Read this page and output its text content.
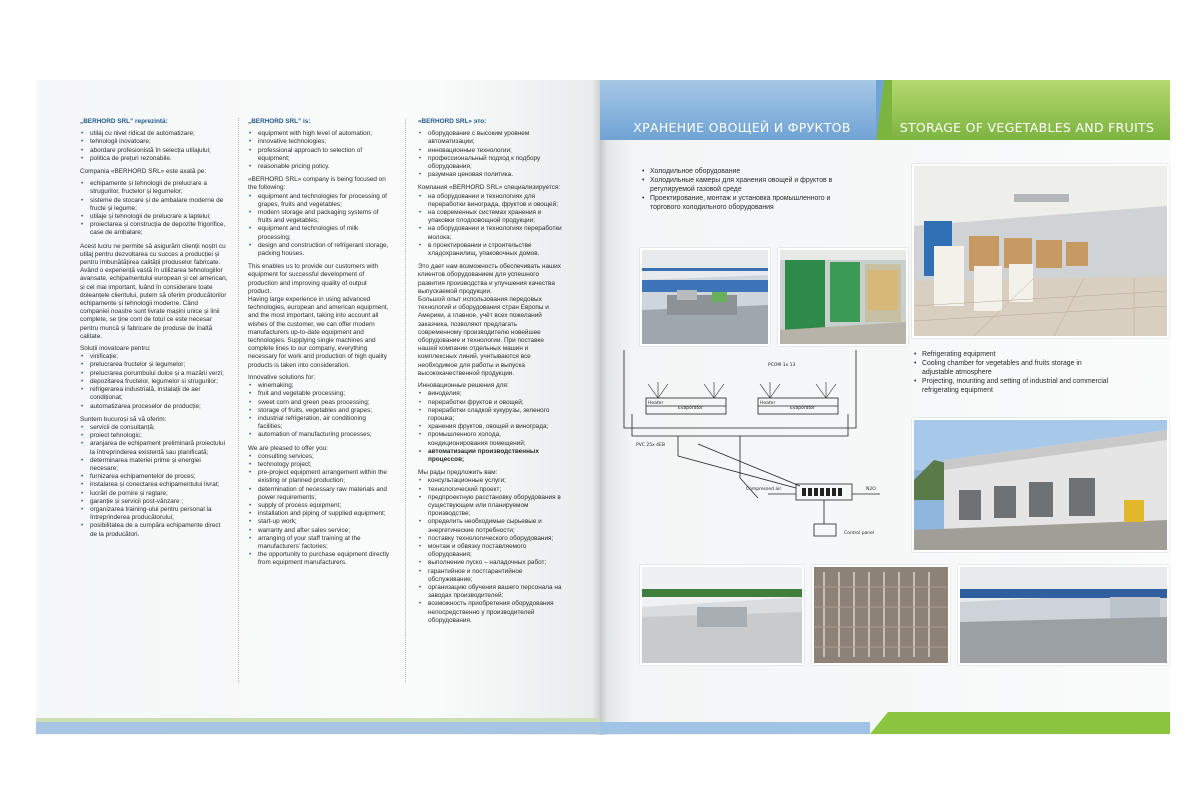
„BERHORD SRL” reprezintă:

• utilaj cu nivel ridicat de automatizare;
• tehnologii inovatoare;
• abordare profesionistă în selecția utilajului;
• politica de prețuri rezonabile.

Compania «BERHORD SRL» este axată pe:

• echipamente și tehnologii de prelucrare a strugurilor, fructelor și legumelor;
• sisteme de stocare și de ambalare moderne de fructe și legume;
• utilaje și tehnologii de prelucrare a laptelui;
• proiectarea și construcția de depozite frigorifice, case de ambalare;

Acest lucru ne permite să asigurăm clienții noștri cu utilaj pentru dezvoltarea cu succes a producției și pentru îmbunătățirea calității produselor fabricate.

Având o experiență vastă în utilizarea tehnologiilor avansate, echipamentului european și cel american, și cel mai important, luând în considerare toate doleanțele clientului, putem să oferim producătorilor echipamente și tehnologii moderne. Când companiei noastre sunt livrate mașini unice și linii complete, se ține cont de totul ce este necesar pentru muncă și fabricare de produse de înaltă calitate.

Soluții inovatoare pentru:

• vinificație;
• prelucrarea fructelor și legumelor;
• prelucrarea porumbului dulce și a mazării verzi;
• depozitarea fructelor, legumelor si strugurilor;
• refrigerarea industrială, instalații de aer condiționat;
• automatizarea proceselor de producție;

Suntem bucuroși să vă oferim:

• servicii de consultanță;
• proiect tehnologic;
• aranjarea de echipament preliminară proiectului la întreprinderea existentă sau planificată;
• determinarea materiei prime și energiei necesare;
• furnizarea echipamentelor de proces;
• instalarea și conectarea echipamentului livrat;
• lucrări de pornire și reglare;
• garanție și servicii post-vânzare ;
• organizarea training-ului pentru personal la întreprinderea producătorului;
• posibilitatea de a cumpăra echipamente direct de la producători.

„BERHORD SRL” is:

• equipment with high level of automation;
• innovative technologies;
• professional approach to selection of equipment;
• reasonable pricing policy.

«BERHORD SRL» company is being focused on the following:

• equipment and technologies for processing of grapes, fruits and vegetables;
• modern storage and packaging systems of fruits and vegetables;
• equipment and technologies of milk processing;
• design and construction of refrigerant storage, packing houses.

This enables us to provide our customers with equipment for successful development of production and improving quality of output product.

Having large experience in using advanced technologies, european and american equipment, and the most important, taking into account all wishes of the customer, we can offer modern manufacturers up-to-date equipment and technologies. Supplying single machines and complete lines to our company, everything necessary for work and production of high quality products is taken into consideration.

Innovative solutions for:

• winemaking;
• fruit and vegetable processing;
• sweet corn and green peas processing;
• storage of fruits, vegetables and grapes;
• industrial refrigeration, air conditioning facilities;
• automation of manufacturing processes;

We are pleased to offer you:

• consulting services;
• technology project;
• pre-project equipment arrangement within the existing or planned production;
• determination of necessary raw materials and power requirements;
• supply of process equipment;
• installation and piping of supplied equipment;
• start-up work;
• warranty and after sales service;
• arranging of your staff training at the manufacturers' factories;
• the opportunity to purchase equipment directly from equipment manufacturers.

«BERHORD SRL» это:

• оборудование с высоким уровнем автоматизации;
• инновационные технологии;
• профессиональный подход к подбору оборудования;
• разумная ценовая политика.

Компания «BERHORD SRL» специализируется:

• на оборудовании и технологиях для переработки винограда, фруктов и овощей;
• на современных системах хранения и упаковки плодоовощной продукции;
• на оборудовании и технологиях переработки молока;
• в проектировании и строительстве хладохранилищ, упаковочных домов.

Это дает нам возможность обеспечивать наших клиентов оборудованием для успешного развития производства и улучшения качества выпускаемой продукции.

Большой опыт использования передовых технологий и оборудования стран Европы и Америки, а главное, учёт всех пожеланий заказчика, позволяют предлагать современному производителю новейшее оборудование и технологии. При поставке нашей компании отдельных машин и комплексных линий, учитываются все необходимое для работы и выпуска высококачественной продукции.

Инновационные решения для:

• виноделия;
• переработки фруктов и овощей;
• переработки сладкой кукурузы, зеленого горошка;
• хранения фруктов, овощей и винограда;
• промышленного холода, кондиционирования помещений;
• автоматизации производственных процессов;

Мы рады предложить вам:

• консультационные услуги;
• технологический проект;
• предпроектную расстановку оборудования в существующем или планируемом производстве;
• определить необходимые сырьевые и энергетические потребности;
• поставку технологического оборудования;
• монтаж и обвязку поставляемого оборудования;
• выполнение пуско – наладочных работ;
• гарантийное и постгарантийное обслуживание;
• организацию обучения вашего персонала на заводах производителей;
• возможность приобретения оборудования непосредственно у производителей оборудования.
ХРАНЕНИЕ ОВОЩЕЙ И ФРУКТОВ	STORAGE OF VEGETABLES AND FRUITS
• Холодильное оборудование
• Холодильные камеры для хранения овощей и фруктов в регулируемой газовой среде
• Проектирование, монтаж и установка промышленного и торгового холодильного оборудования
• Refrigerating equipment
• Cooling chamber for vegetables and fruits storage in adjustable atmosphere
• Projecting, mounting and setting of industrial and commercial refrigerating equipment
РСОМ 1x 13
Evaporator	Evaporator
Heater	Heater
PVC 25x 4EB
Compressed air	N2O
Control panel
